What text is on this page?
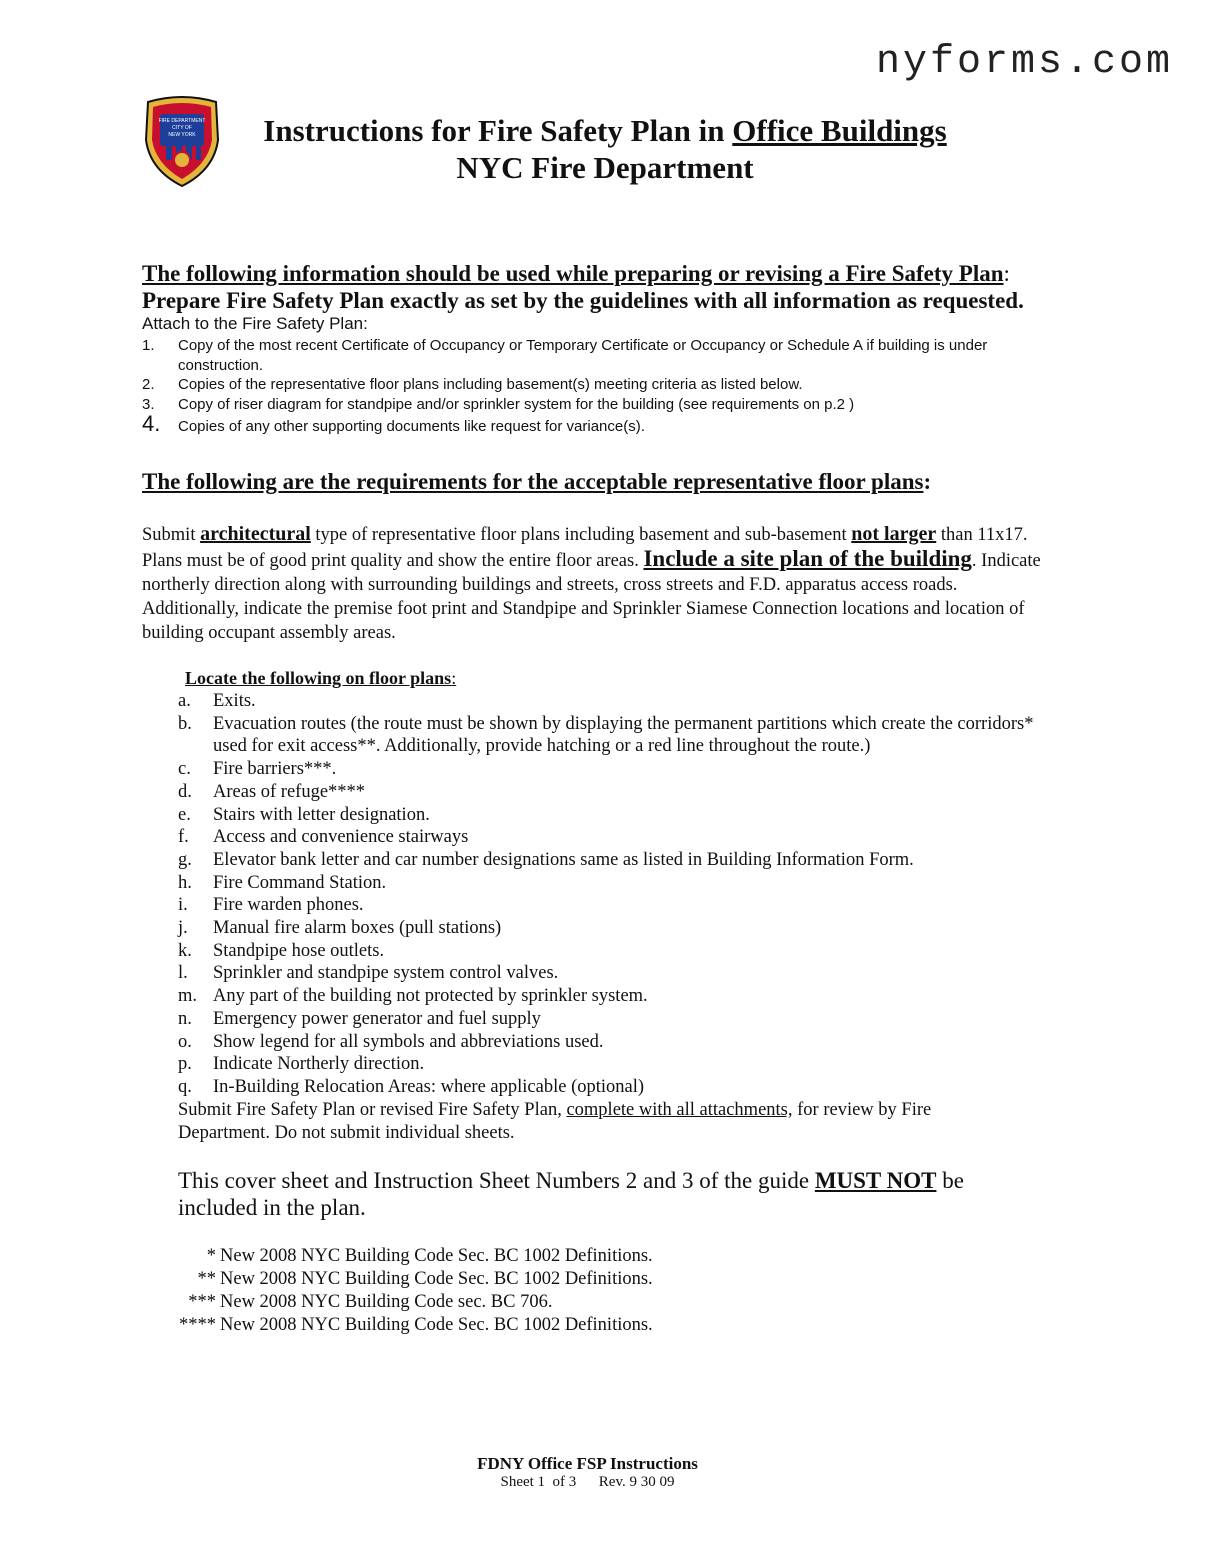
nyforms.com
FIRE DEPARTMENT
CITY OF
NEW YORK	Instructions for Fire Safety Plan in Office Buildings
NYC Fire Department
The following information should be used while preparing or revising a Fire Safety Plan:
Prepare Fire Safety Plan exactly as set by the guidelines with all information as requested.
Attach to the Fire Safety Plan:
1.	Copy of the most recent Certificate of Occupancy or Temporary Certificate or Occupancy or Schedule A if building is under construction.
2.	Copies of the representative floor plans including basement(s) meeting criteria as listed below.
3.	Copy of riser diagram for standpipe and/or sprinkler system for the building (see requirements on p.2 )
4.	Copies of any other supporting documents like request for variance(s).
The following are the requirements for the acceptable representative floor plans:
Submit architectural type of representative floor plans including basement and sub-basement not larger than 11x17. Plans must be of good print quality and show the entire floor areas. Include a site plan of the building. Indicate northerly direction along with surrounding buildings and streets, cross streets and F.D. apparatus access roads. Additionally, indicate the premise foot print and Standpipe and Sprinkler Siamese Connection locations and location of building occupant assembly areas.
Locate the following on floor plans:
a.	Exits.
b.	Evacuation routes (the route must be shown by displaying the permanent partitions which create the corridors* used for exit access**. Additionally, provide hatching or a red line throughout the route.)
c.	Fire barriers***.
d.	Areas of refuge****
e.	Stairs with letter designation.
f.	Access and convenience stairways
g.	Elevator bank letter and car number designations same as listed in Building Information Form.
h.	Fire Command Station.
i.	Fire warden phones.
j.	Manual fire alarm boxes (pull stations)
k.	Standpipe hose outlets.
l.	Sprinkler and standpipe system control valves.
m. Any part of the building not protected by sprinkler system.
n.	Emergency power generator and fuel supply
o.	Show legend for all symbols and abbreviations used.
p.	Indicate Northerly direction.
q.	In-Building Relocation Areas: where applicable (optional)
Submit Fire Safety Plan or revised Fire Safety Plan, complete with all attachments, for review by Fire Department. Do not submit individual sheets.
This cover sheet and Instruction Sheet Numbers 2 and 3 of the guide MUST NOT be included in the plan.
* New 2008 NYC Building Code Sec. BC 1002 Definitions.
** New 2008 NYC Building Code Sec. BC 1002 Definitions.
*** New 2008 NYC Building Code sec. BC 706.
**** New 2008 NYC Building Code Sec. BC 1002 Definitions.
FDNY Office FSP Instructions
Sheet 1  of 3      Rev. 9 30 09
